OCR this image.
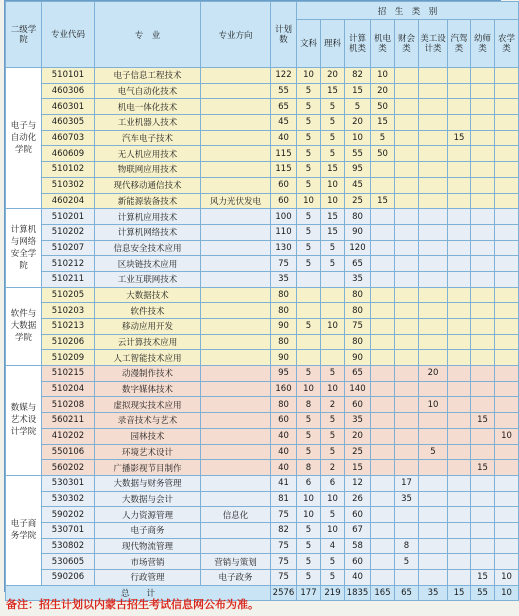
二级学院	专业代码	专　业	专业方向	计划数	招　生　类　别								
					文科	理科	计算机类	机电类	财会类	美工设计类	汽驾类	幼师类	农学类
电子与自动化学院	510101	电子信息工程技术		122	10	20	82	10					
	460306	电气自动化技术		55	5	15	15	20					
	460301	机电一体化技术		65	5	5	5	50					
	460305	工业机器人技术		45	5	5	20	15					
	460703	汽车电子技术		40	5	5	10	5			15		
	460609	无人机应用技术		115	5	5	55	50					
	510102	物联网应用技术		115	5	15	95						
	510302	现代移动通信技术		60	5	10	45						
	460204	新能源装备技术	风力光伏发电	60	10	10	25	15					
计算机与网络安全学院	510201	计算机应用技术		100	5	15	80						
	510202	计算机网络技术		110	5	15	90						
	510207	信息安全技术应用		130	5	5	120						
	510212	区块链技术应用		75	5	5	65						
	510211	工业互联网技术		35			35						
软件与大数据学院	510205	大数据技术		80			80						
	510203	软件技术		80			80						
	510213	移动应用开发		90	5	10	75						
	510206	云计算技术应用		80			80						
	510209	人工智能技术应用		90			90						
数媒与艺术设计学院	510215	动漫制作技术		95	5	5	65			20			
	510204	数字媒体技术		160	10	10	140						
	510208	虚拟现实技术应用		80	8	2	60			10			
	560211	录音技术与艺术		60	5	5	35					15	
	410202	园林技术		40	5	5	20						10
	550106	环境艺术设计		40	5	5	25			5			
	560202	广播影视节目制作		40	8	2	15					15	
电子商务学院	530301	大数据与财务管理		41	6	6	12		17				
	530302	大数据与会计		81	10	10	26		35				
	590202	人力资源管理	信息化	75	10	5	60						
	530701	电子商务		82	5	10	67						
	530802	现代物流管理		75	5	4	58		8				
	530605	市场营销	营销与策划	75	5	5	60		5				
	590206	行政管理	电子政务	75	5	5	40					15	10
总　　计				2576	177	219	1835	165	65	35	15	55	10
备注：招生计划以内蒙古招生考试信息网公布为准。
